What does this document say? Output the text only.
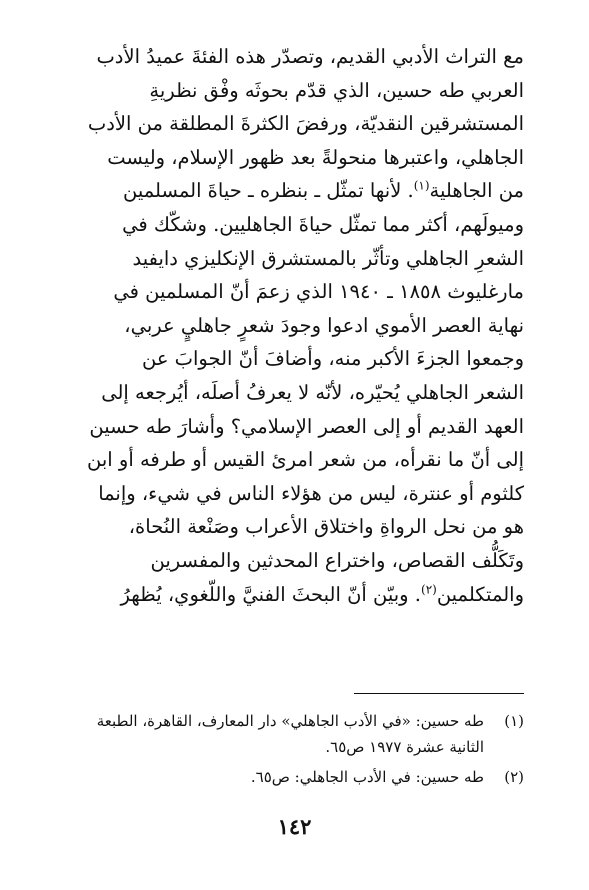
مع التراث الأدبي القديم، وتصدّر هذه الفئةَ عميدُ الأدب
العربي طه حسين، الذي قدّم بحوثَه وفْق نظريةِ
المستشرقين النقديّة، ورفضَ الكثرةَ المطلقة من الأدب
الجاهلي، واعتبرها منحولةً بعد ظهور الإسلام، وليست
من الجاهلية$^{(١)}$. لأنها تمثّل ـ بنظره ـ حياةَ المسلمين
وميولَهم، أكثر مما تمثّل حياةَ الجاهليين. وشكّك في
الشعرِ الجاهلي وتأثّر بالمستشرق الإنكليزي دايفيد
مارغليوث ١٨٥٨ ـ ١٩٤٠ الذي زعمَ أنّ المسلمين في
نهاية العصر الأموي ادعوا وجودَ شعرٍ جاهليٍ عربي،
وجمعوا الجزءَ الأكبر منه، وأضافَ أنّ الجوابَ عن
الشعر الجاهلي يُحيّره، لأنّه لا يعرفُ أصلَه، أيُرجعه إلى
العهد القديم أو إلى العصر الإسلامي؟ وأشارَ طه حسين
إلى أنّ ما نقرأه، من شعر امرئ القيس أو طرفه أو ابن
كلثوم أو عنترة، ليس من هؤلاء الناس في شيء، وإنما
هو من نحل الرواةِ واختلاق الأعراب وصَنْعة النُحاة،
وتَكَلُّف القصاص، واختراع المحدثين والمفسرين
والمتكلمين$^{(٢)}$. وبيّن أنّ البحثَ الفنيَّ واللّغوي، يُظهرُ
(١)
طه حسين: «في الأدب الجاهلي» دار المعارف، القاهرة، الطبعة الثانية عشرة ١٩٧٧ ص٦٥.
(٢)
طه حسين: في الأدب الجاهلي: ص٦٥.
١٤٢
